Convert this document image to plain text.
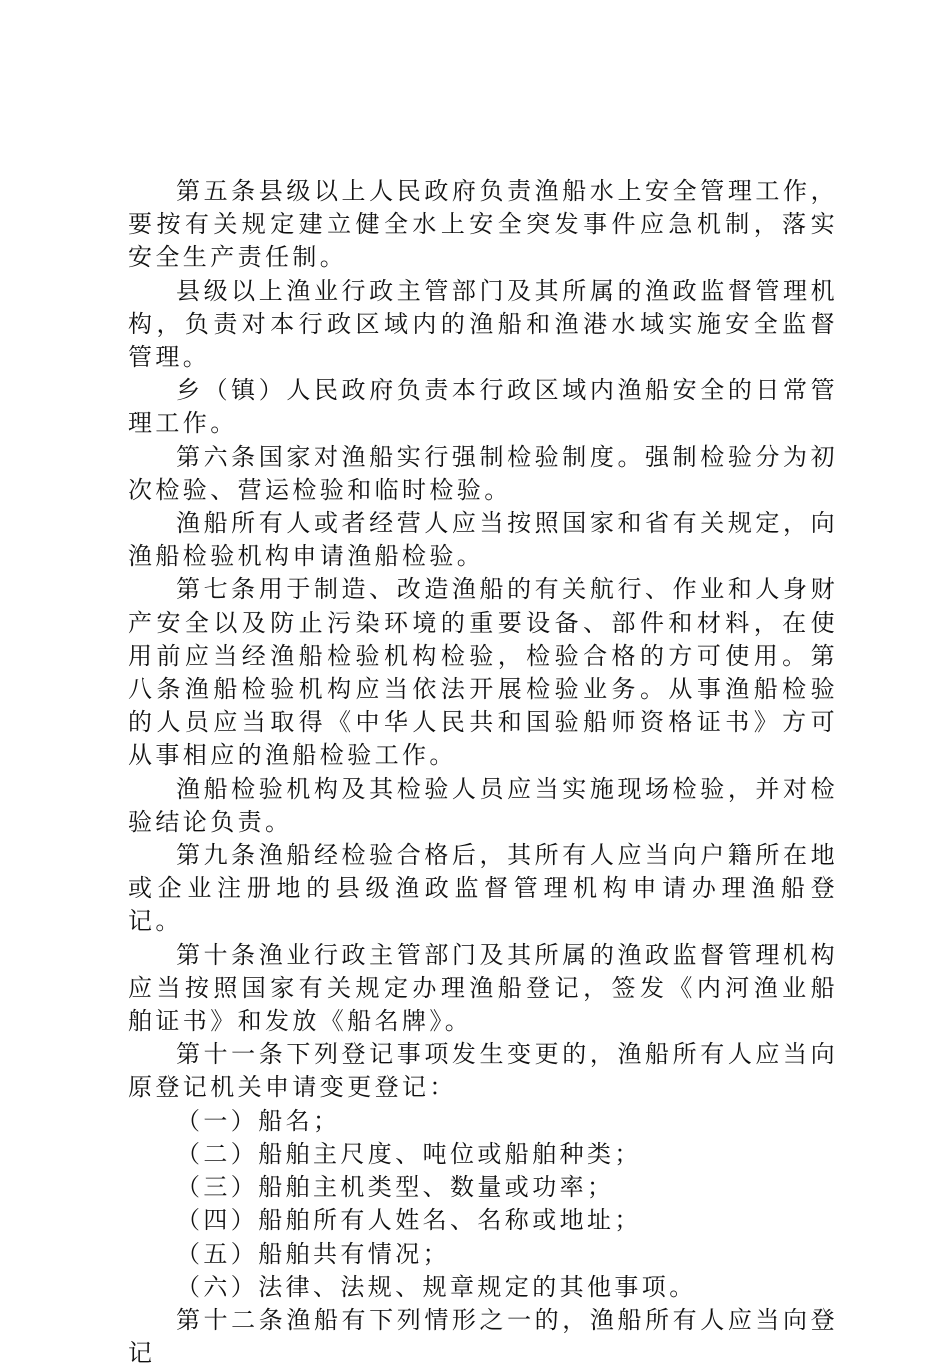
第五条县级以上人民政府负责渔船水上安全管理工作，要按有关规定建立健全水上安全突发事件应急机制，落实安全生产责任制。

县级以上渔业行政主管部门及其所属的渔政监督管理机构，负责对本行政区域内的渔船和渔港水域实施安全监督管理。

乡（镇）人民政府负责本行政区域内渔船安全的日常管理工作。

第六条国家对渔船实行强制检验制度。强制检验分为初次检验、营运检验和临时检验。

渔船所有人或者经营人应当按照国家和省有关规定，向渔船检验机构申请渔船检验。

第七条用于制造、改造渔船的有关航行、作业和人身财产安全以及防止污染环境的重要设备、部件和材料，在使用前应当经渔船检验机构检验，检验合格的方可使用。第八条渔船检验机构应当依法开展检验业务。从事渔船检验的人员应当取得《中华人民共和国验船师资格证书》方可从事相应的渔船检验工作。

渔船检验机构及其检验人员应当实施现场检验，并对检验结论负责。

第九条渔船经检验合格后，其所有人应当向户籍所在地或企业注册地的县级渔政监督管理机构申请办理渔船登记。

第十条渔业行政主管部门及其所属的渔政监督管理机构应当按照国家有关规定办理渔船登记，签发《内河渔业船舶证书》和发放《船名牌》。

第十一条下列登记事项发生变更的，渔船所有人应当向原登记机关申请变更登记：

（一）船名；

（二）船舶主尺度、吨位或船舶种类；

（三）船舶主机类型、数量或功率；

（四）船舶所有人姓名、名称或地址；

（五）船舶共有情况；

（六）法律、法规、规章规定的其他事项。

第十二条渔船有下列情形之一的，渔船所有人应当向登记
